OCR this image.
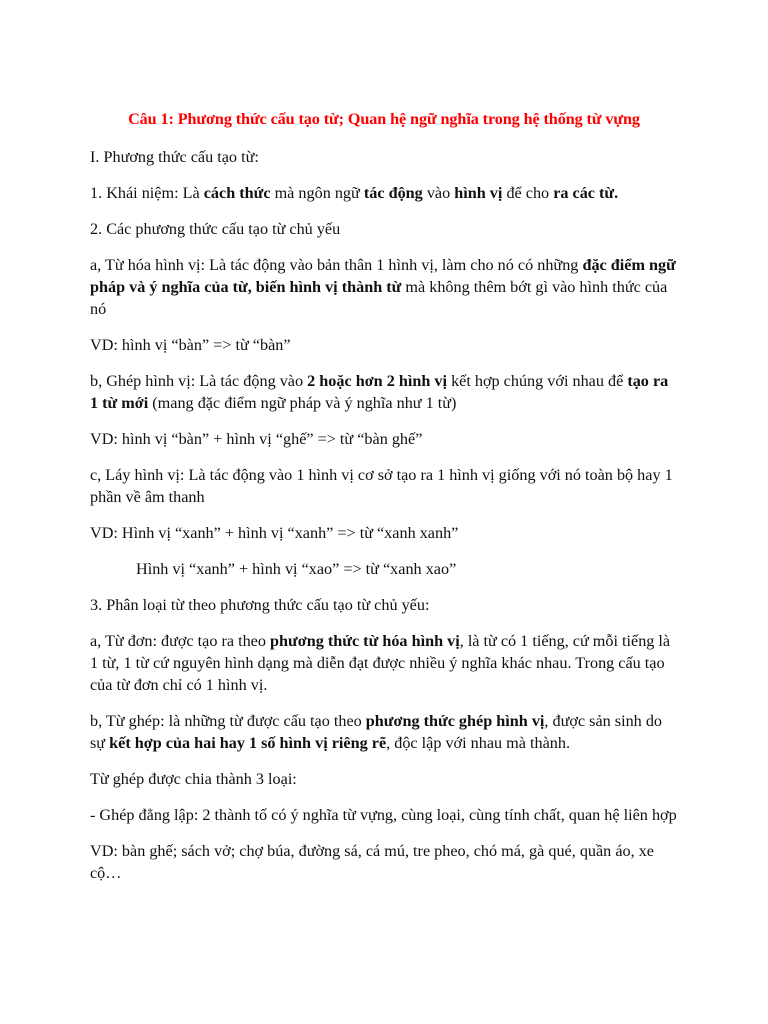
Câu 1: Phương thức cấu tạo từ; Quan hệ ngữ nghĩa trong hệ thống từ vựng

I. Phương thức cấu tạo từ:

1. Khái niệm: Là cách thức mà ngôn ngữ tác động vào hình vị để cho ra các từ.

2. Các phương thức cấu tạo từ chủ yếu

a, Từ hóa hình vị: Là tác động vào bản thân 1 hình vị, làm cho nó có những đặc điểm ngữ pháp và ý nghĩa của từ, biến hình vị thành từ mà không thêm bớt gì vào hình thức của nó

VD: hình vị “bàn” => từ “bàn”

b, Ghép hình vị: Là tác động vào 2 hoặc hơn 2 hình vị kết hợp chúng với nhau để tạo ra 1 từ mới (mang đặc điểm ngữ pháp và ý nghĩa như 1 từ)

VD: hình vị “bàn” + hình vị “ghế” => từ “bàn ghế”

c, Láy hình vị: Là tác động vào 1 hình vị cơ sở tạo ra 1 hình vị giống với nó toàn bộ hay 1 phần về âm thanh

VD: Hình vị “xanh” + hình vị “xanh” => từ “xanh xanh”

Hình vị “xanh” + hình vị “xao” => từ “xanh xao”

3. Phân loại từ theo phương thức cấu tạo từ chủ yếu:

a, Từ đơn: được tạo ra theo phương thức từ hóa hình vị, là từ có 1 tiếng, cứ mỗi tiếng là 1 từ, 1 từ cứ nguyên hình dạng mà diễn đạt được nhiều ý nghĩa khác nhau. Trong cấu tạo của từ đơn chỉ có 1 hình vị.

b, Từ ghép: là những từ được cấu tạo theo phương thức ghép hình vị, được sản sinh do sự kết hợp của hai hay 1 số hình vị riêng rẽ, độc lập với nhau mà thành.

Từ ghép được chia thành 3 loại:

- Ghép đẳng lập: 2 thành tố có ý nghĩa từ vựng, cùng loại, cùng tính chất, quan hệ liên hợp

VD: bàn ghế; sách vở; chợ búa, đường sá, cá mú, tre pheo, chó má, gà qué, quần áo, xe cộ…
